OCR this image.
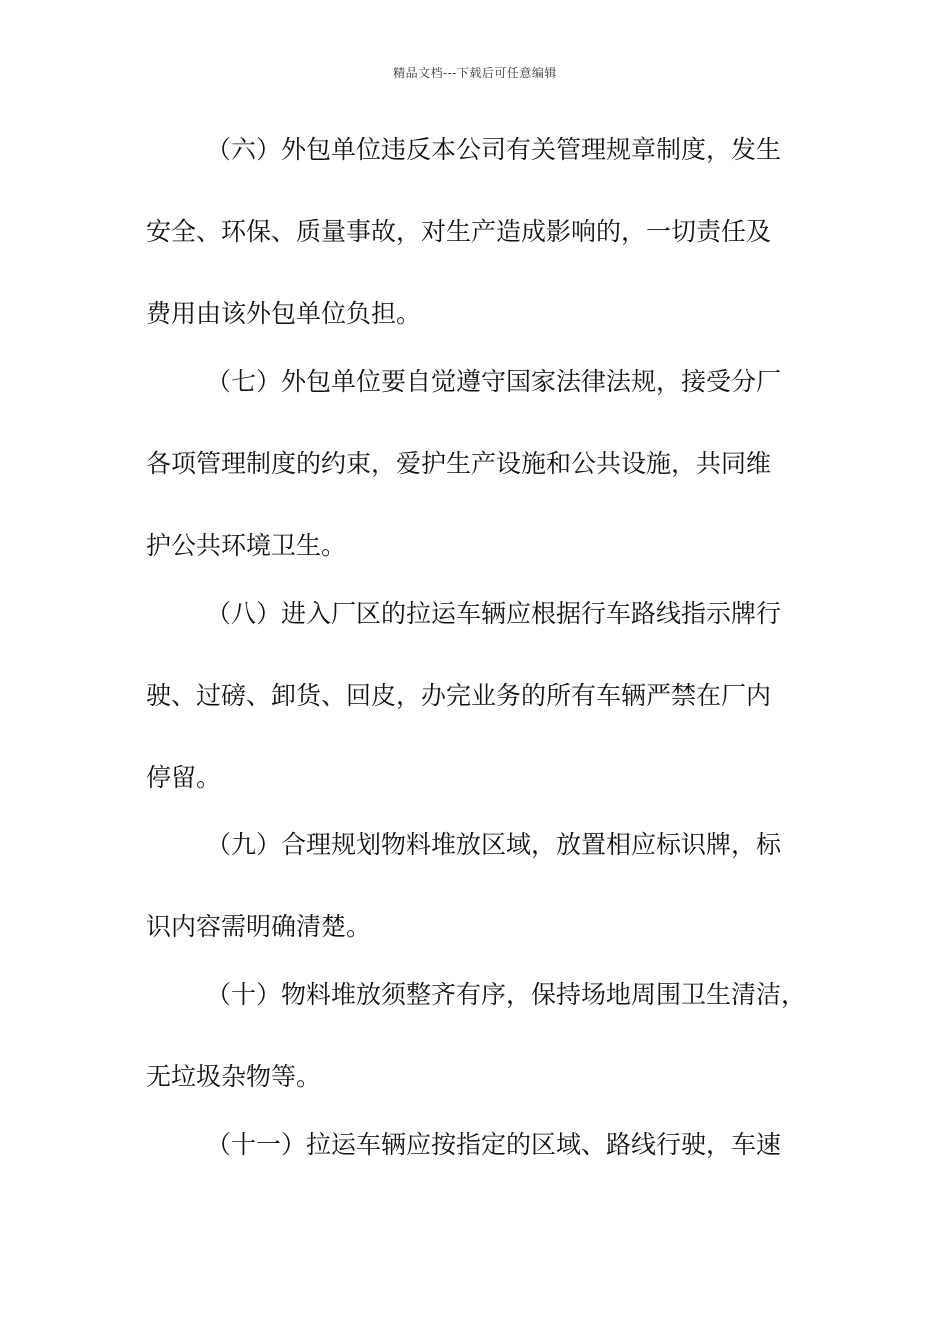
精品文档---下载后可任意编辑
（六）外包单位违反本公司有关管理规章制度，发生
安全、环保、质量事故，对生产造成影响的，一切责任及
费用由该外包单位负担。
（七）外包单位要自觉遵守国家法律法规，接受分厂
各项管理制度的约束，爱护生产设施和公共设施，共同维
护公共环境卫生。
（八）进入厂区的拉运车辆应根据行车路线指示牌行
驶、过磅、卸货、回皮，办完业务的所有车辆严禁在厂内
停留。
（九）合理规划物料堆放区域，放置相应标识牌，标
识内容需明确清楚。
（十）物料堆放须整齐有序，保持场地周围卫生清洁，
无垃圾杂物等。
（十一）拉运车辆应按指定的区域、路线行驶，车速
